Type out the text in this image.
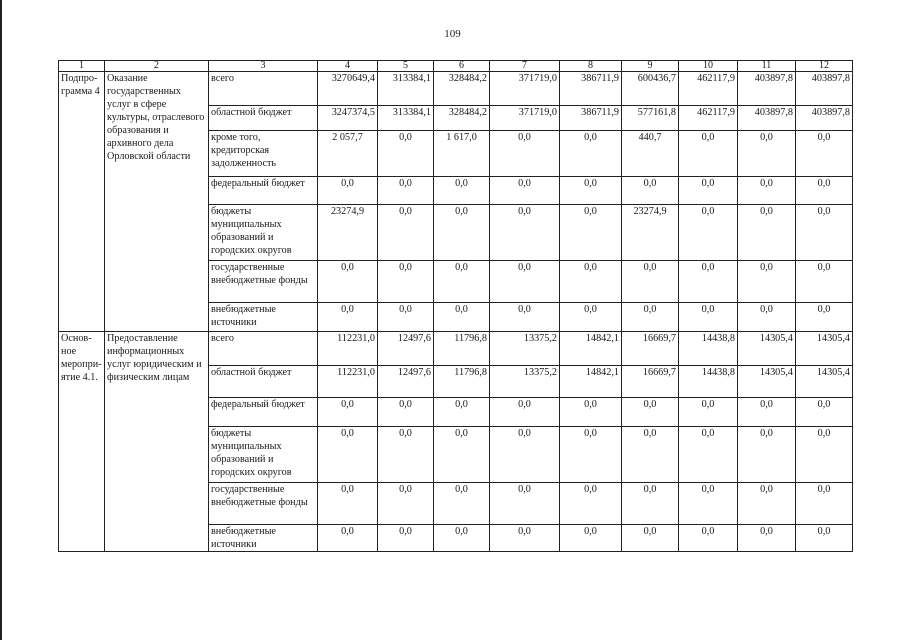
109
1	2	3	4	5	6	7	8	9	10	11	12
Подпро-грамма 4	Оказание государственных услуг в сфере культуры, отраслевого образования и архивного дела Орловской области	всего	3270649,4	313384,1	328484,2	371719,0	386711,9	600436,7	462117,9	403897,8	403897,8
		областной бюджет	3247374,5	313384,1	328484,2	371719,0	386711,9	577161,8	462117,9	403897,8	403897,8
		кроме того, кредиторская задолженность	2 057,7	0,0	1 617,0	0,0	0,0	440,7	0,0	0,0	0,0
		федеральный бюджет	0,0	0,0	0,0	0,0	0,0	0,0	0,0	0,0	0,0
		бюджеты муниципальных образований и городских округов	23274,9	0,0	0,0	0,0	0,0	23274,9	0,0	0,0	0,0
		государственные внебюджетные фонды	0,0	0,0	0,0	0,0	0,0	0,0	0,0	0,0	0,0
		внебюджетные источники	0,0	0,0	0,0	0,0	0,0	0,0	0,0	0,0	0,0
Основ-ное меропри-ятие 4.1.	Предоставление информационных услуг юридическим и физическим лицам	всего	112231,0	12497,6	11796,8	13375,2	14842,1	16669,7	14438,8	14305,4	14305,4
		областной бюджет	112231,0	12497,6	11796,8	13375,2	14842,1	16669,7	14438,8	14305,4	14305,4
		федеральный бюджет	0,0	0,0	0,0	0,0	0,0	0,0	0,0	0,0	0,0
		бюджеты муниципальных образований и городских округов	0,0	0,0	0,0	0,0	0,0	0,0	0,0	0,0	0,0
		государственные внебюджетные фонды	0,0	0,0	0,0	0,0	0,0	0,0	0,0	0,0	0,0
		внебюджетные источники	0,0	0,0	0,0	0,0	0,0	0,0	0,0	0,0	0,0
